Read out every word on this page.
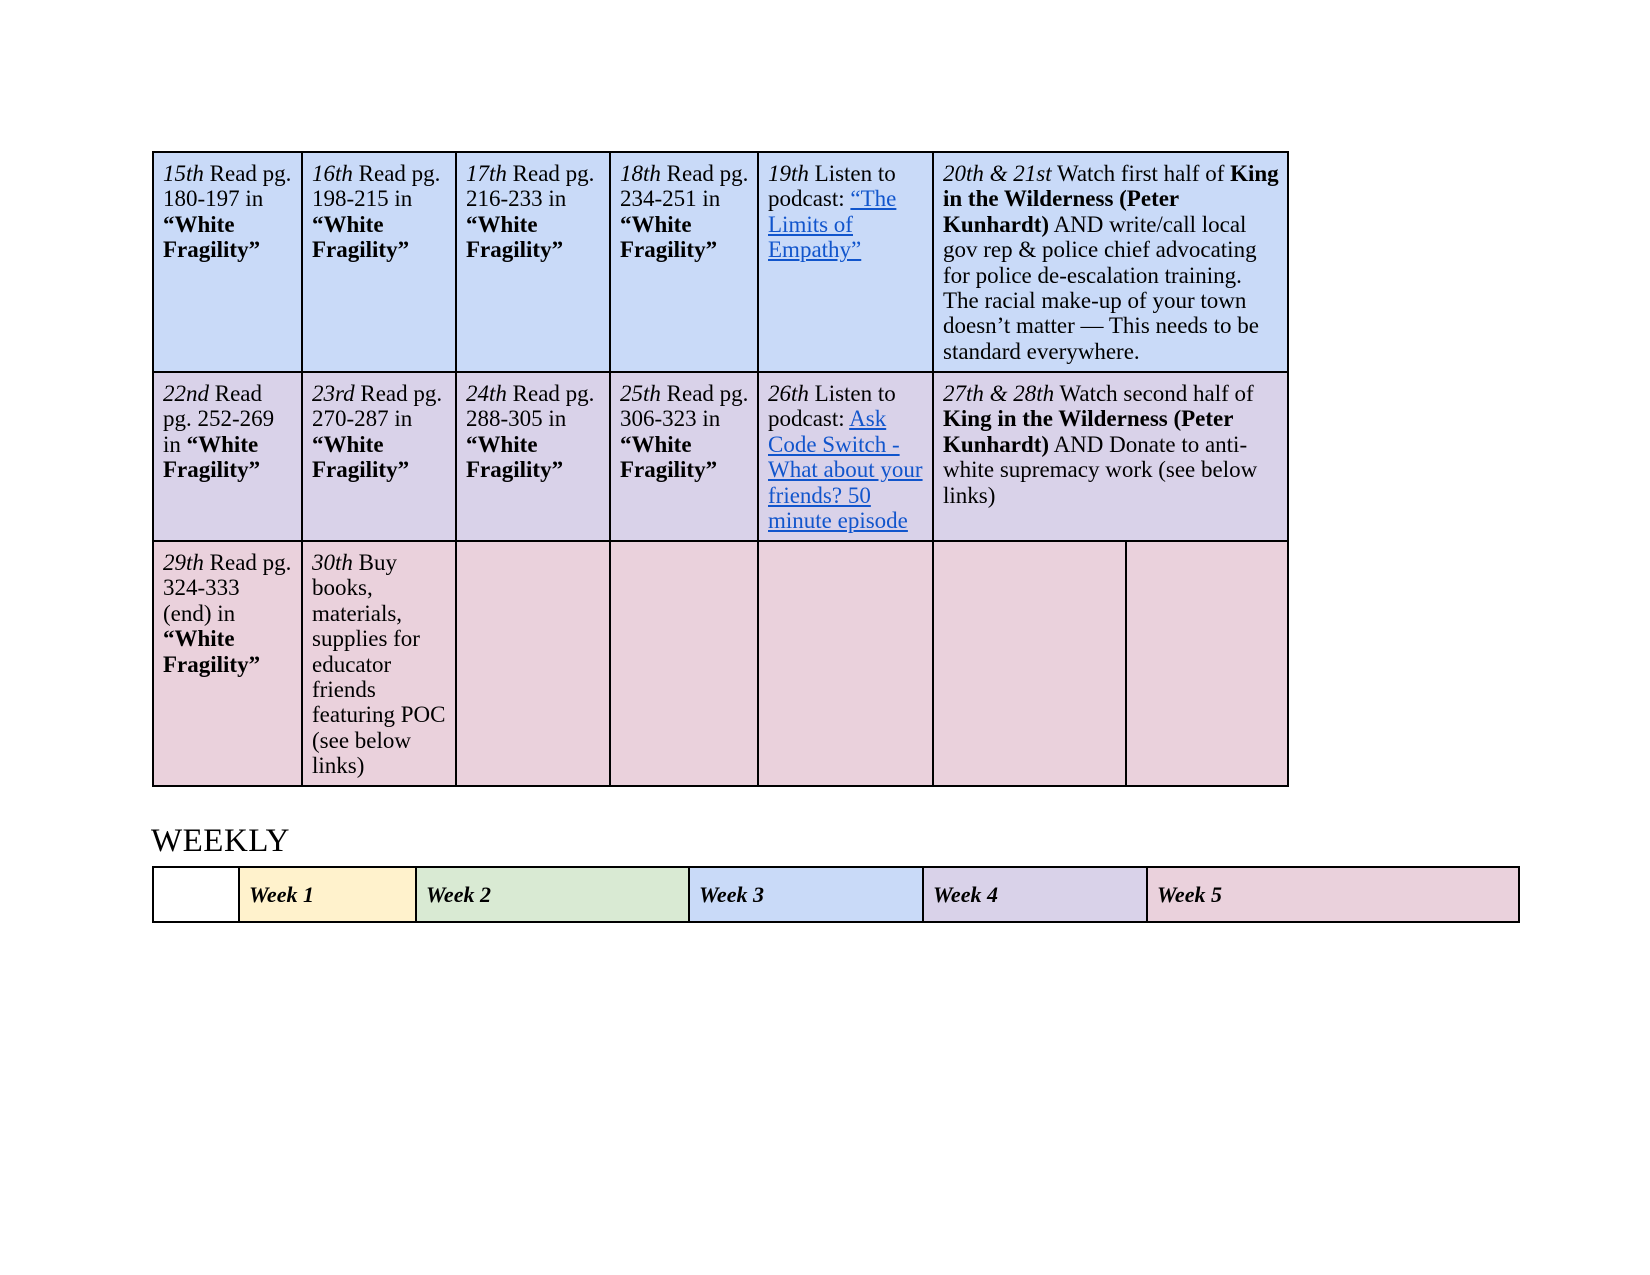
15th Read pg. 180-197 in “White Fragility”	16th Read pg. 198-215 in “White Fragility”	17th Read pg. 216-233 in “White Fragility”	18th Read pg. 234-251 in “White Fragility”	19th Listen to podcast: “The Limits of Empathy”	20th & 21st Watch first half of King in the Wilderness (Peter Kunhardt) AND write/call local gov rep & police chief advocating for police de-escalation training. The racial make-up of your town doesn’t matter — This needs to be standard everywhere.	
22nd Read pg. 252-269 in “White Fragility”	23rd Read pg. 270-287 in “White Fragility”	24th Read pg. 288-305 in “White Fragility”	25th Read pg. 306-323 in “White Fragility”	26th Listen to podcast: Ask Code Switch - What about your friends? 50 minute episode	27th & 28th Watch second half of King in the Wilderness (Peter Kunhardt) AND Donate to anti-white supremacy work (see below links)	
29th Read pg. 324-333 (end) in “White Fragility”	30th Buy books, materials, supplies for educator friends featuring POC (see below links)					
WEEKLY
	Week 1	Week 2	Week 3	Week 4	Week 5
